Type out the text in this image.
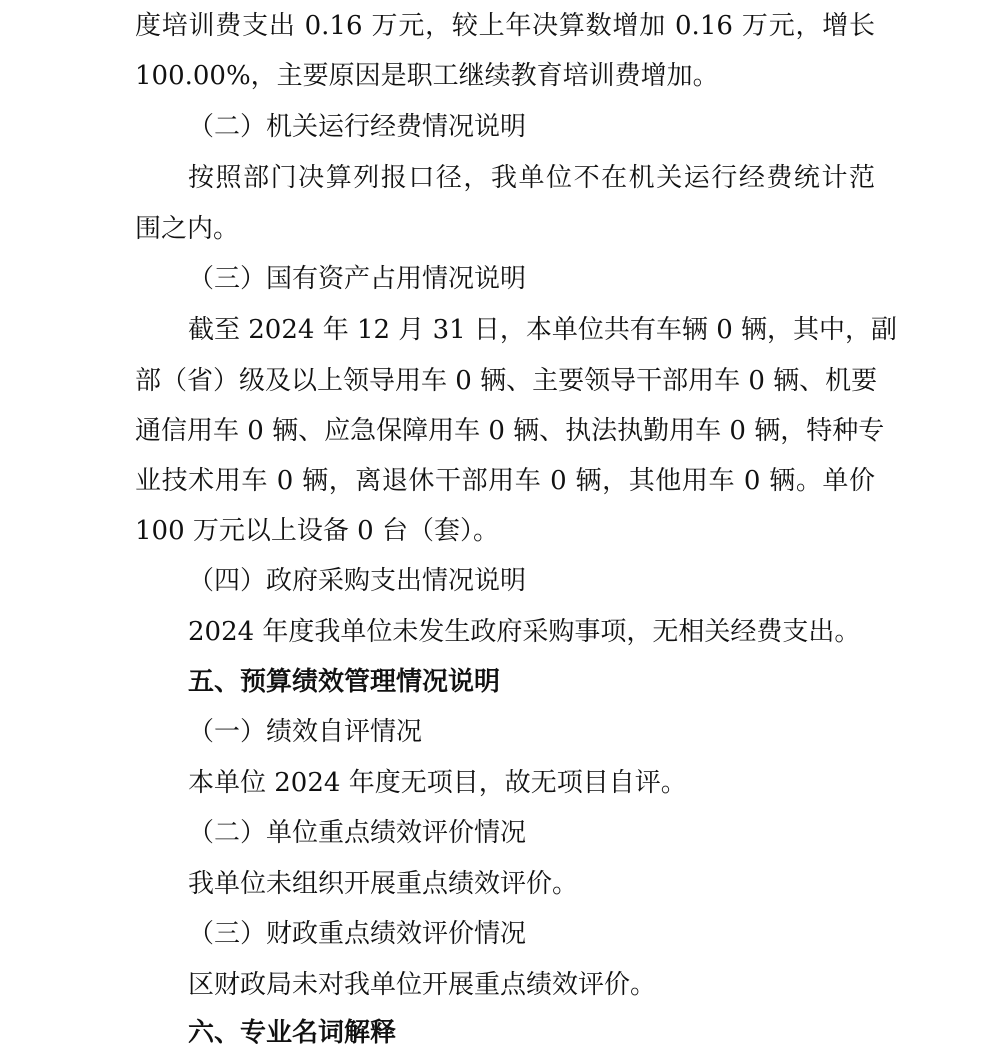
度培训费支出 0.16 万元，较上年决算数增加 0.16 万元，增长
100.00%，主要原因是职工继续教育培训费增加。
（二）机关运行经费情况说明
按照部门决算列报口径，我单位不在机关运行经费统计范
围之内。
（三）国有资产占用情况说明
截至 2024 年 12 月 31 日，本单位共有车辆 0 辆，其中，副
部（省）级及以上领导用车 0 辆、主要领导干部用车 0 辆、机要
通信用车 0 辆、应急保障用车 0 辆、执法执勤用车 0 辆，特种专
业技术用车 0 辆，离退休干部用车 0 辆，其他用车 0 辆。单价
100 万元以上设备 0 台（套）。
（四）政府采购支出情况说明
2024 年度我单位未发生政府采购事项，无相关经费支出。
五、预算绩效管理情况说明
（一）绩效自评情况
本单位 2024 年度无项目，故无项目自评。
（二）单位重点绩效评价情况
我单位未组织开展重点绩效评价。
（三）财政重点绩效评价情况
区财政局未对我单位开展重点绩效评价。
六、专业名词解释
